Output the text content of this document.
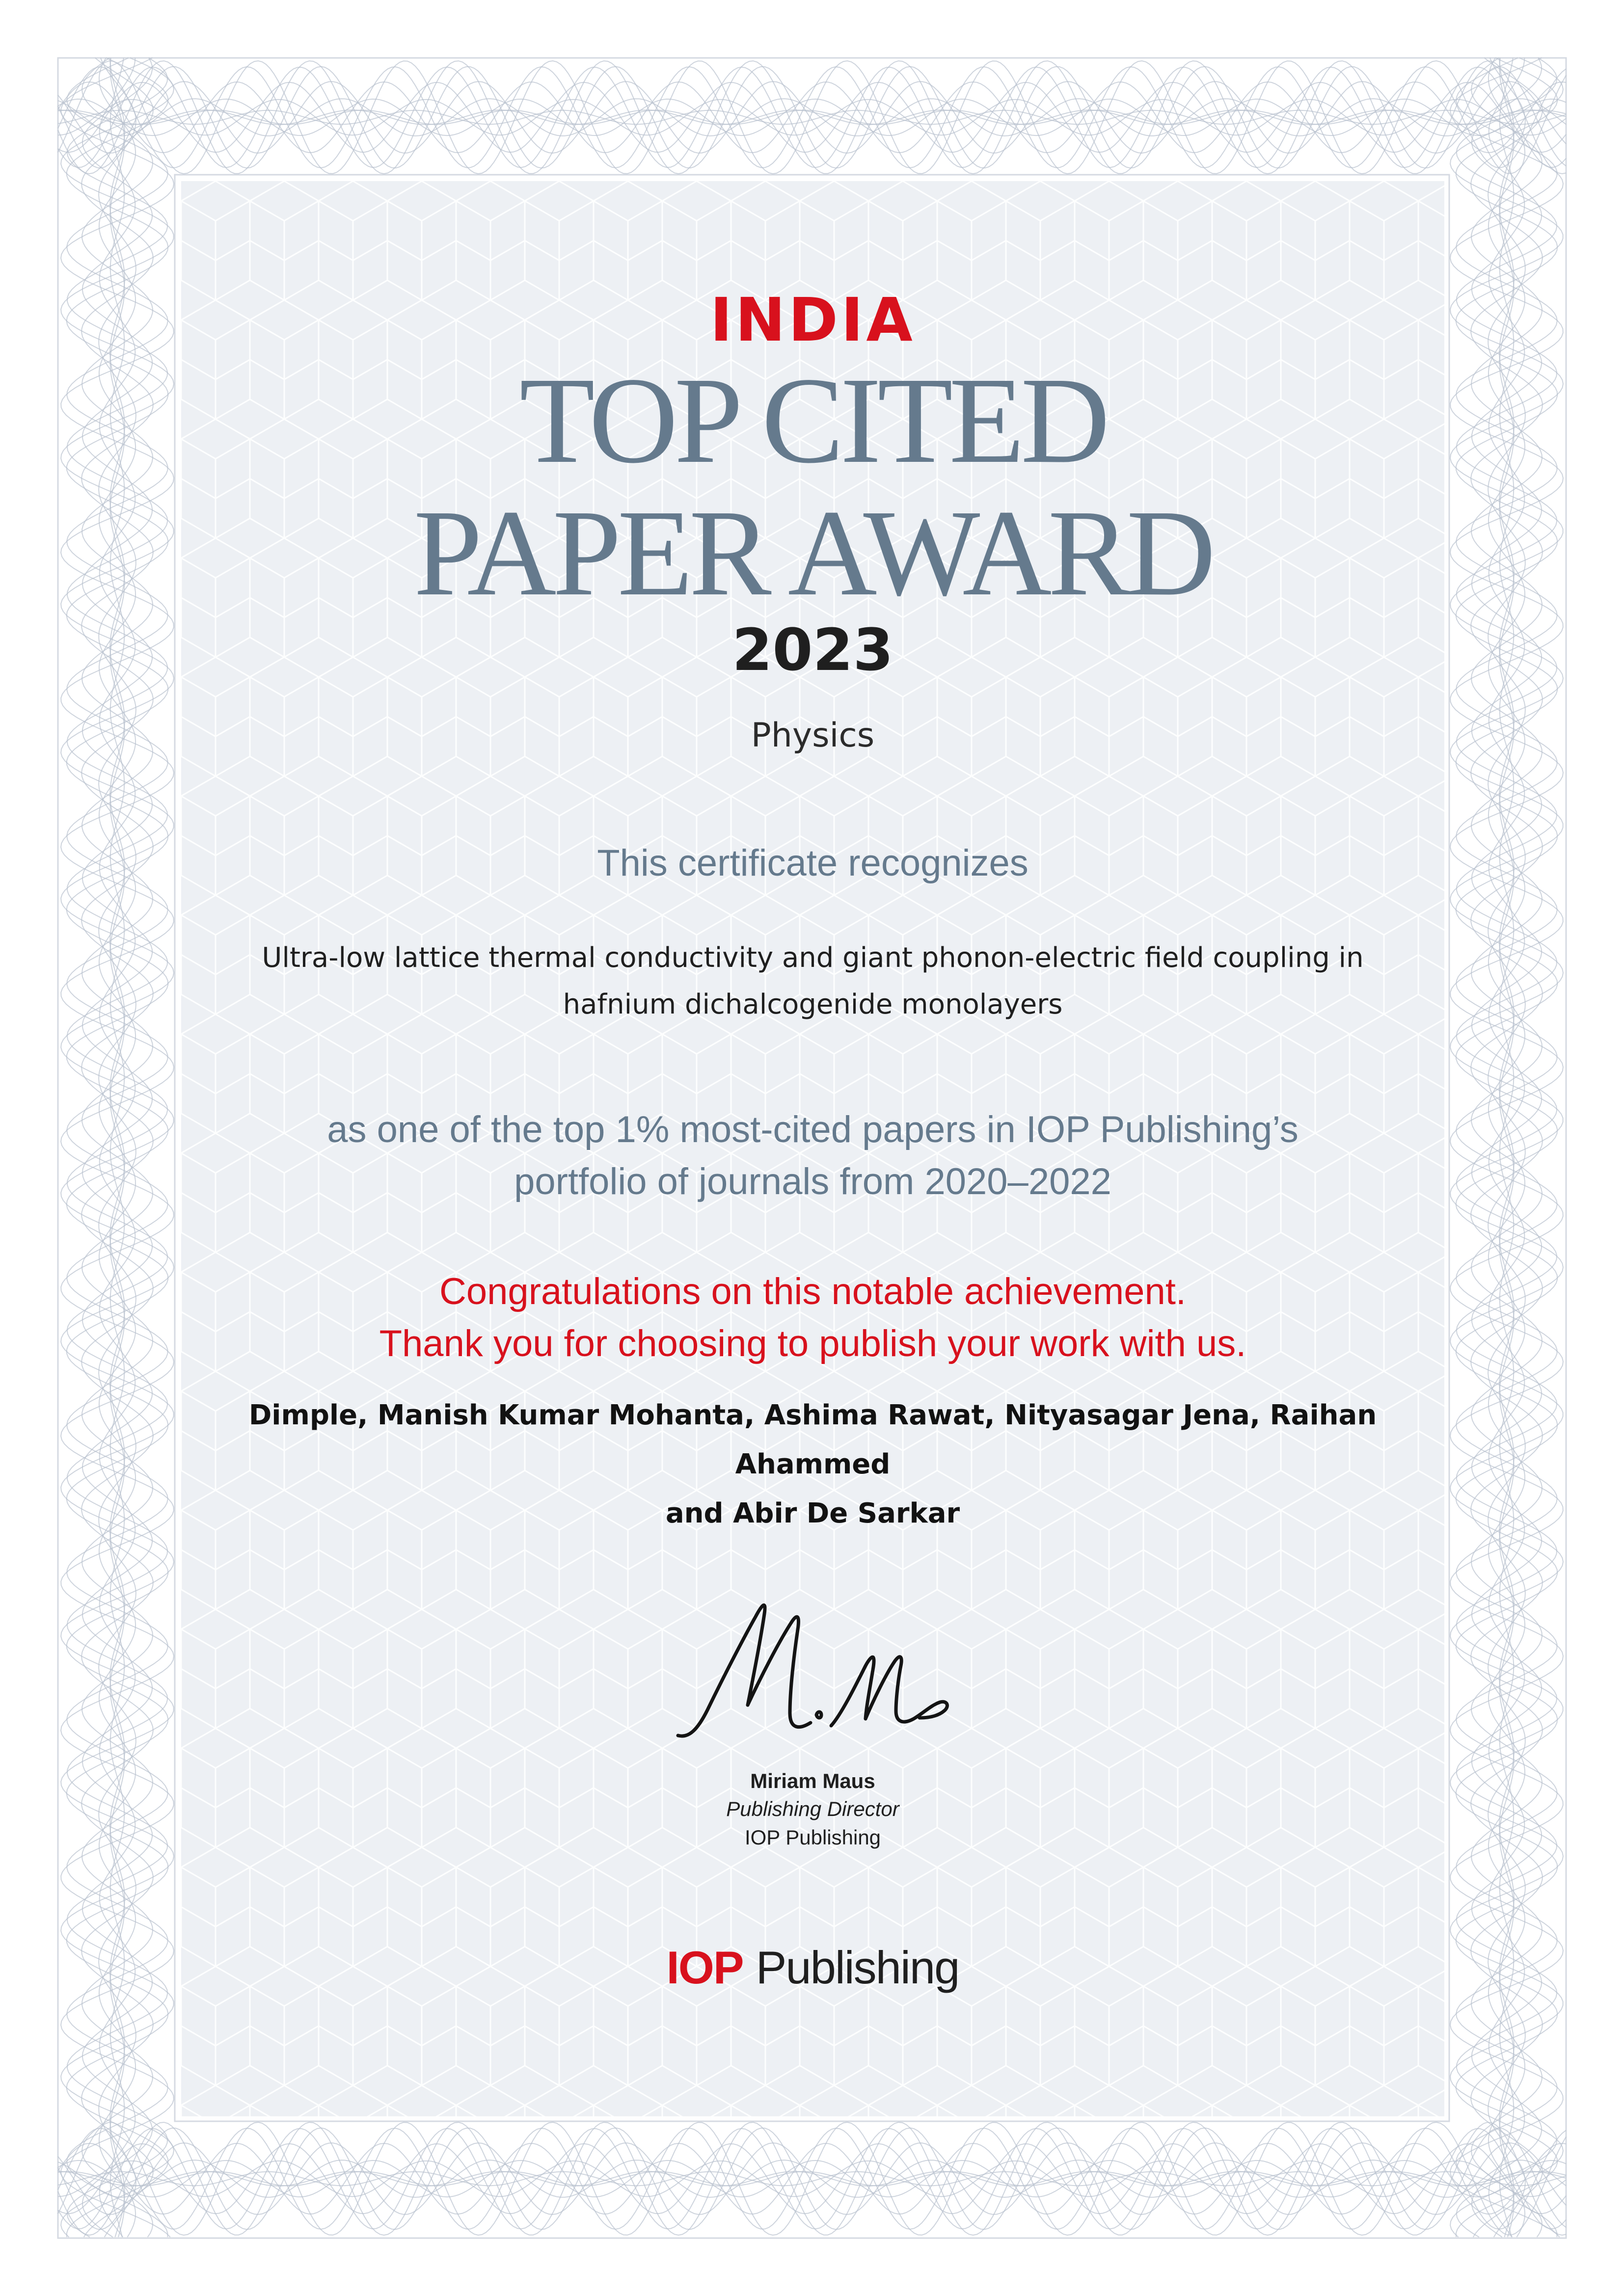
INDIA

TOP CITED
PAPER AWARD

2023

Physics

This certificate recognizes

Ultra-low lattice thermal conductivity and giant phonon-electric field coupling in
hafnium dichalcogenide monolayers
as one of the top 1% most-cited papers in IOP Publishing’s
portfolio of journals from 2020–2022
Congratulations on this notable achievement.
Thank you for choosing to publish your work with us.
Dimple, Manish Kumar Mohanta, Ashima Rawat, Nityasagar Jena, Raihan Ahammed
and Abir De Sarkar

Miriam Maus

Publishing Director

IOP Publishing

IOP Publishing
